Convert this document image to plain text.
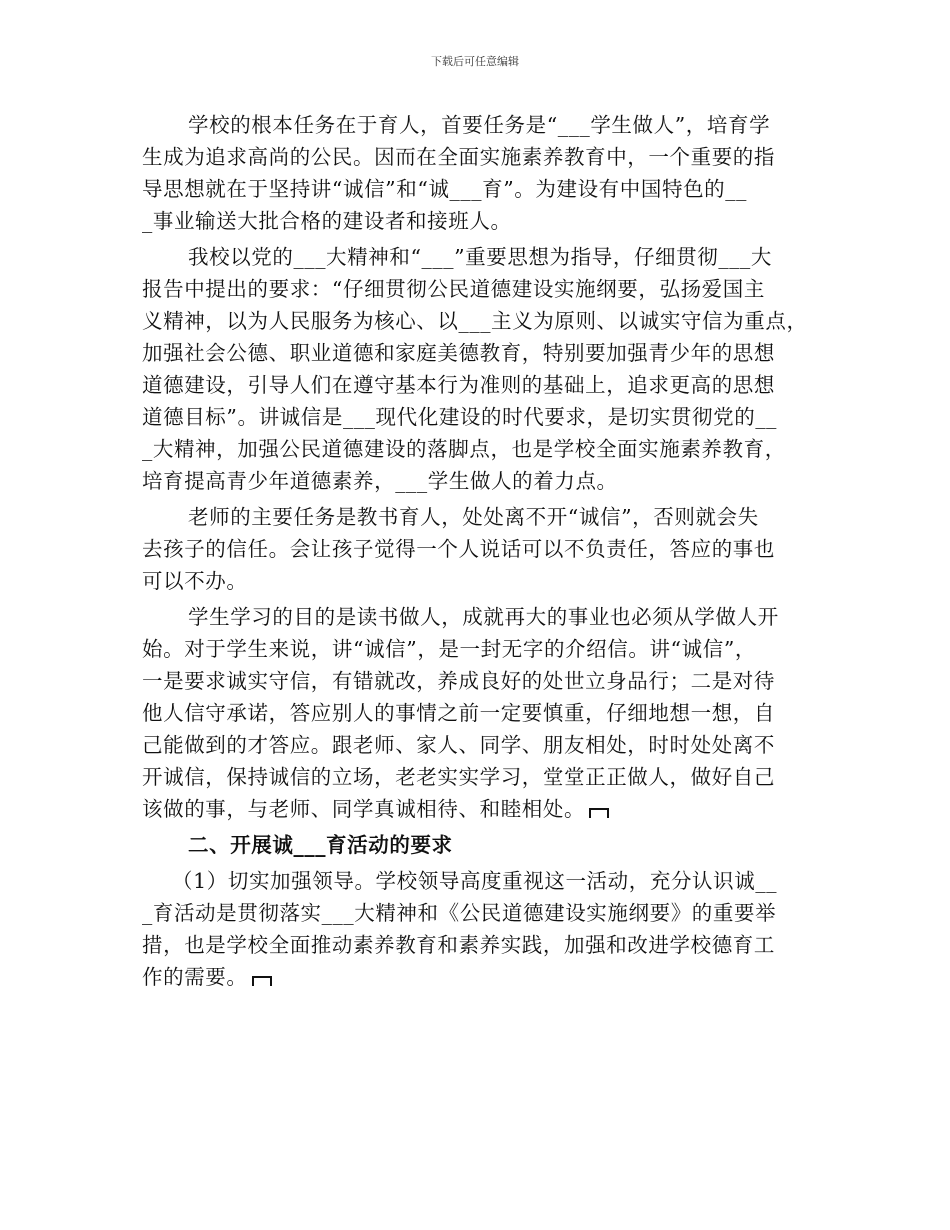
下载后可任意编辑
学校的根本任务在于育人，首要任务是“___学生做人”，培育学
生成为追求高尚的公民。因而在全面实施素养教育中，一个重要的指
导思想就在于坚持讲“诚信”和“诚___育”。为建设有中国特色的__
_事业输送大批合格的建设者和接班人。
我校以党的___大精神和“___”重要思想为指导，仔细贯彻___大
报告中提出的要求：“仔细贯彻公民道德建设实施纲要，弘扬爱国主
义精神，以为人民服务为核心、以___主义为原则、以诚实守信为重点，
加强社会公德、职业道德和家庭美德教育，特别要加强青少年的思想
道德建设，引导人们在遵守基本行为准则的基础上，追求更高的思想
道德目标”。讲诚信是___现代化建设的时代要求，是切实贯彻党的__
_大精神，加强公民道德建设的落脚点，也是学校全面实施素养教育，
培育提高青少年道德素养，___学生做人的着力点。
老师的主要任务是教书育人，处处离不开“诚信”，否则就会失
去孩子的信任。会让孩子觉得一个人说话可以不负责任，答应的事也
可以不办。
学生学习的目的是读书做人，成就再大的事业也必须从学做人开
始。对于学生来说，讲“诚信”，是一封无字的介绍信。讲“诚信”，
一是要求诚实守信，有错就改，养成良好的处世立身品行；二是对待
他人信守承诺，答应别人的事情之前一定要慎重，仔细地想一想，自
己能做到的才答应。跟老师、家人、同学、朋友相处，时时处处离不
开诚信，保持诚信的立场，老老实实学习，堂堂正正做人，做好自己
该做的事，与老师、同学真诚相待、和睦相处。
二、开展诚___育活动的要求
（1）切实加强领导。学校领导高度重视这一活动，充分认识诚__
_育活动是贯彻落实___大精神和《公民道德建设实施纲要》的重要举
措，也是学校全面推动素养教育和素养实践，加强和改进学校德育工
作的需要。
